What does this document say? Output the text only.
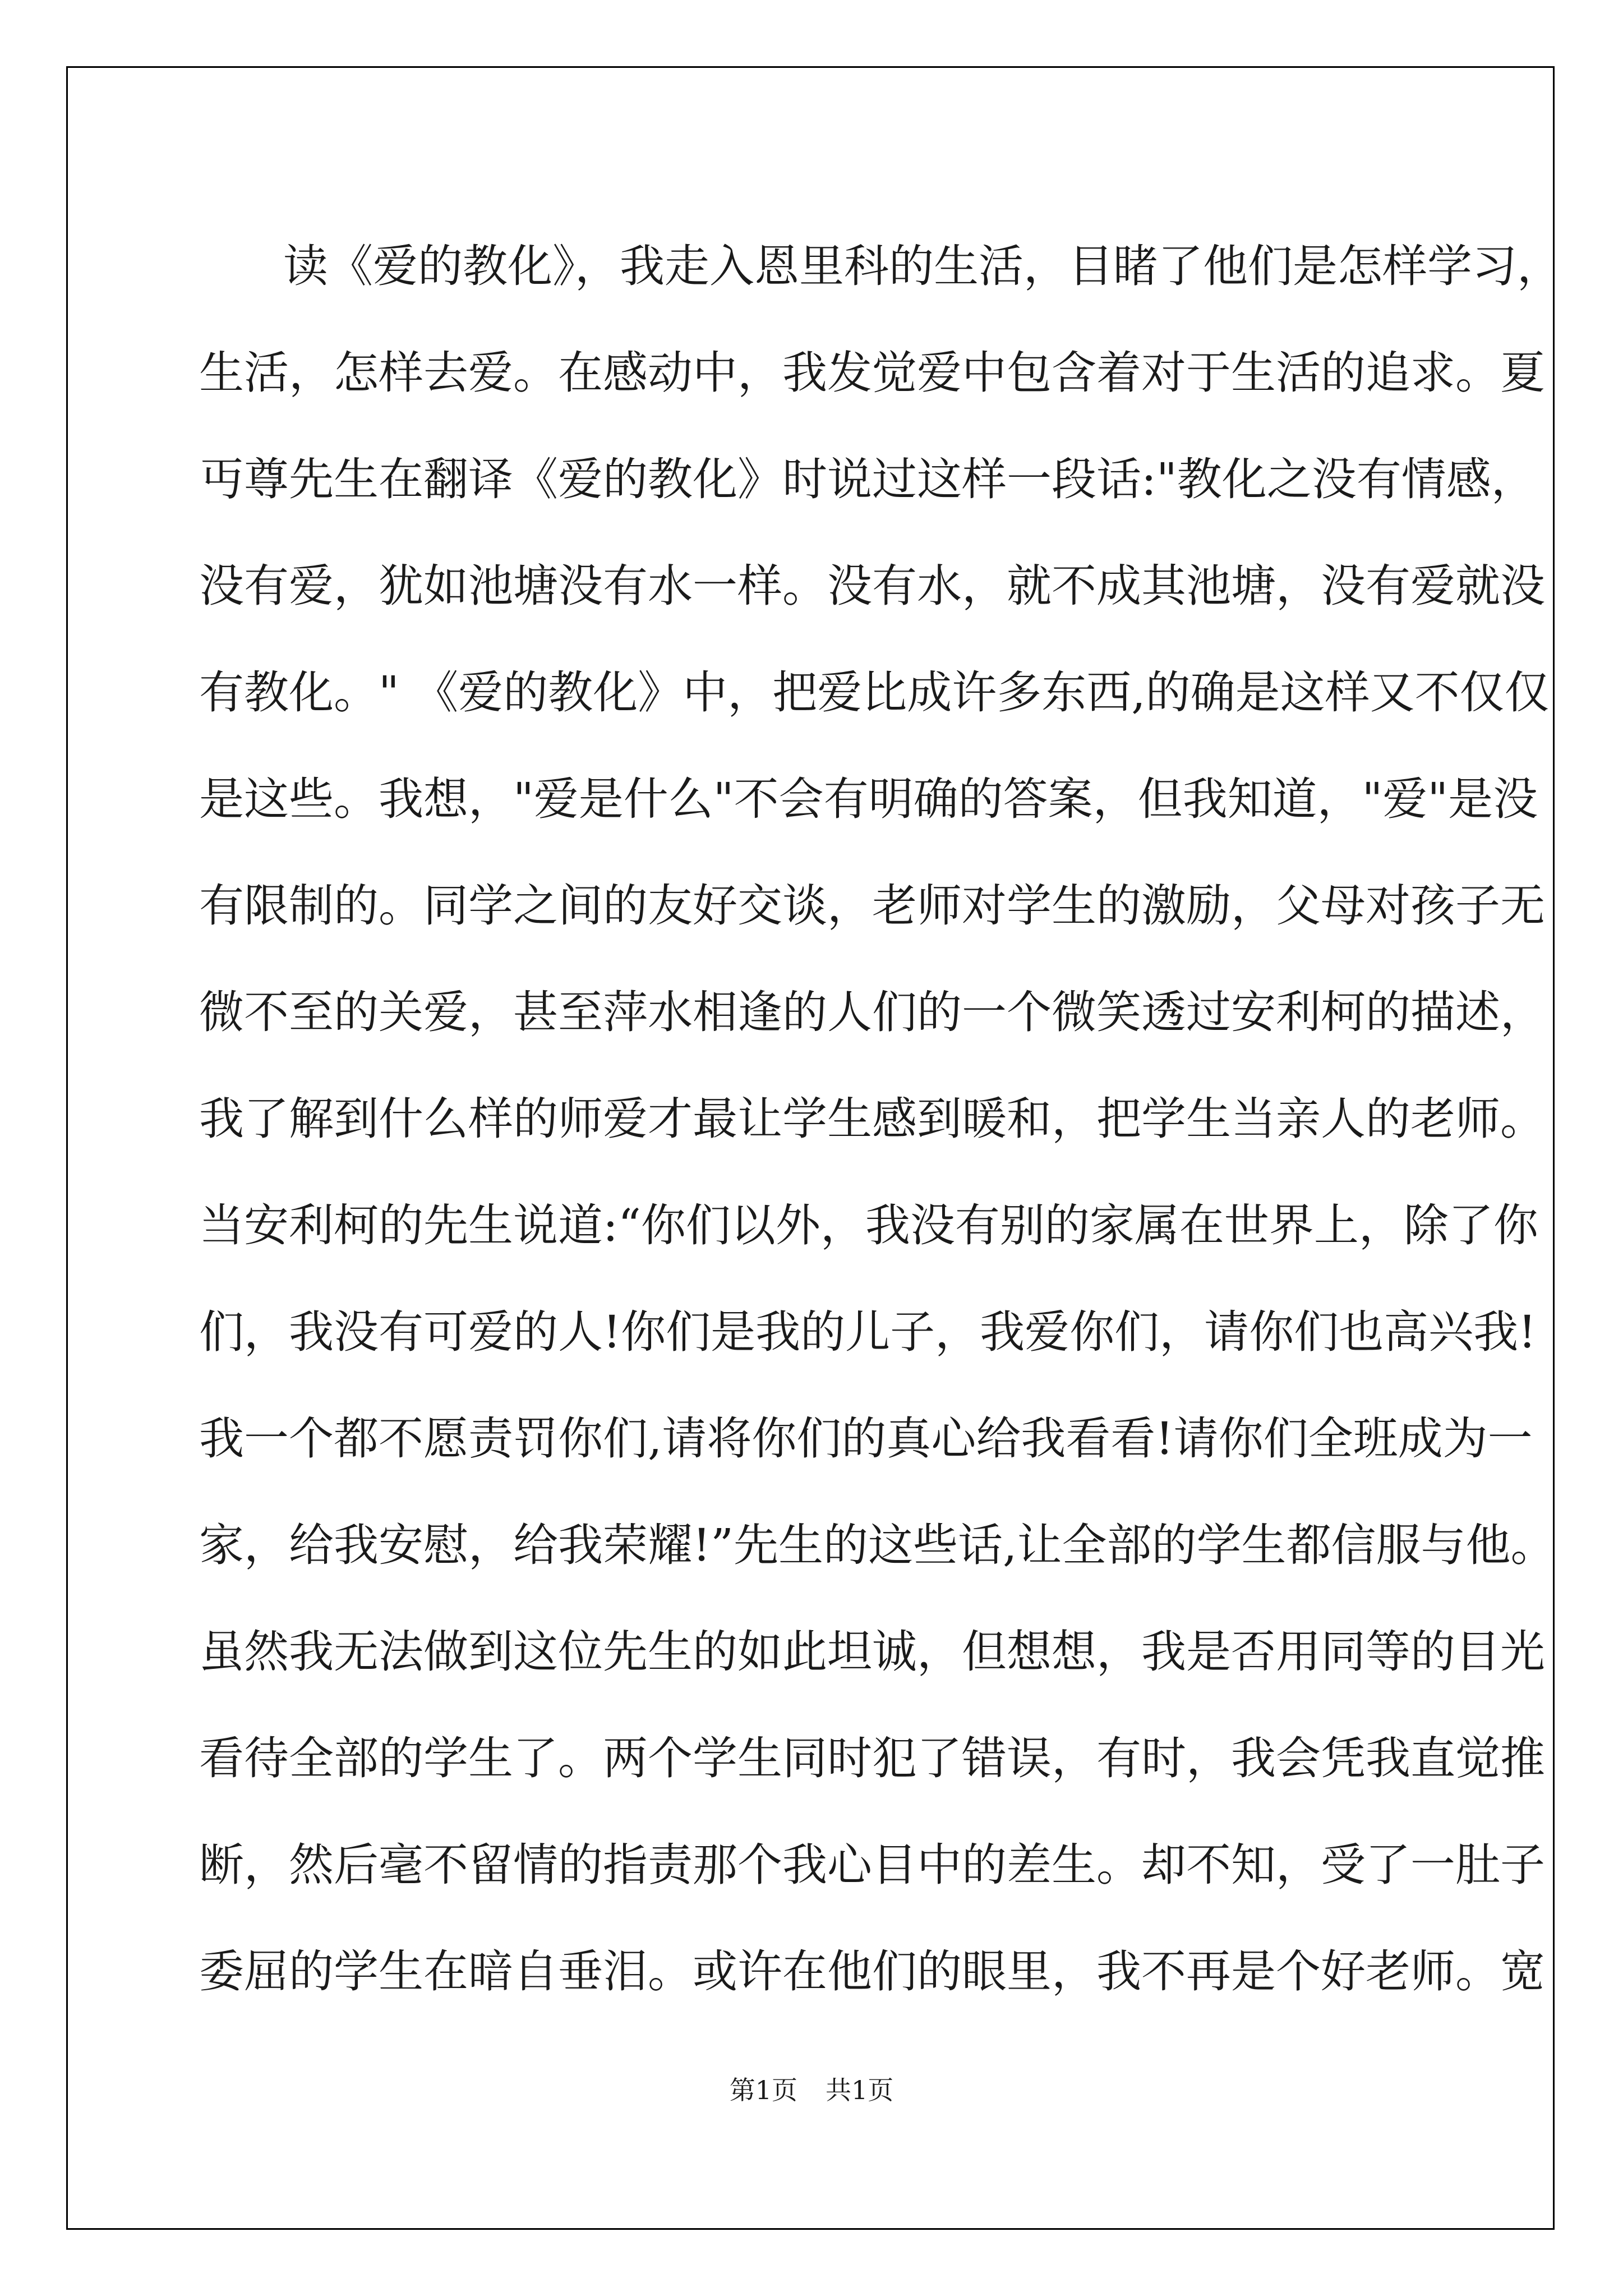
读《爱的教化》，我走入恩里科的生活，目睹了他们是怎样学习，
生活，怎样去爱。在感动中，我发觉爱中包含着对于生活的追求。夏
丏尊先生在翻译《爱的教化》时说过这样一段话:"教化之没有情感，
没有爱，犹如池塘没有水一样。没有水，就不成其池塘，没有爱就没
有教化。" 《爱的教化》中，把爱比成许多东西,的确是这样又不仅仅
是这些。我想，"爱是什么"不会有明确的答案，但我知道，"爱"是没
有限制的。同学之间的友好交谈，老师对学生的激励，父母对孩子无
微不至的关爱，甚至萍水相逢的人们的一个微笑透过安利柯的描述，
我了解到什么样的师爱才最让学生感到暖和，把学生当亲人的老师。
当安利柯的先生说道:“你们以外，我没有别的家属在世界上，除了你
们，我没有可爱的人!你们是我的儿子，我爱你们，请你们也高兴我!
我一个都不愿责罚你们,请将你们的真心给我看看!请你们全班成为一
家，给我安慰，给我荣耀!”先生的这些话,让全部的学生都信服与他。
虽然我无法做到这位先生的如此坦诚，但想想，我是否用同等的目光
看待全部的学生了。两个学生同时犯了错误，有时，我会凭我直觉推
断，然后毫不留情的指责那个我心目中的差生。却不知，受了一肚子
委屈的学生在暗自垂泪。或许在他们的眼里，我不再是个好老师。宽
第1页 共1页
